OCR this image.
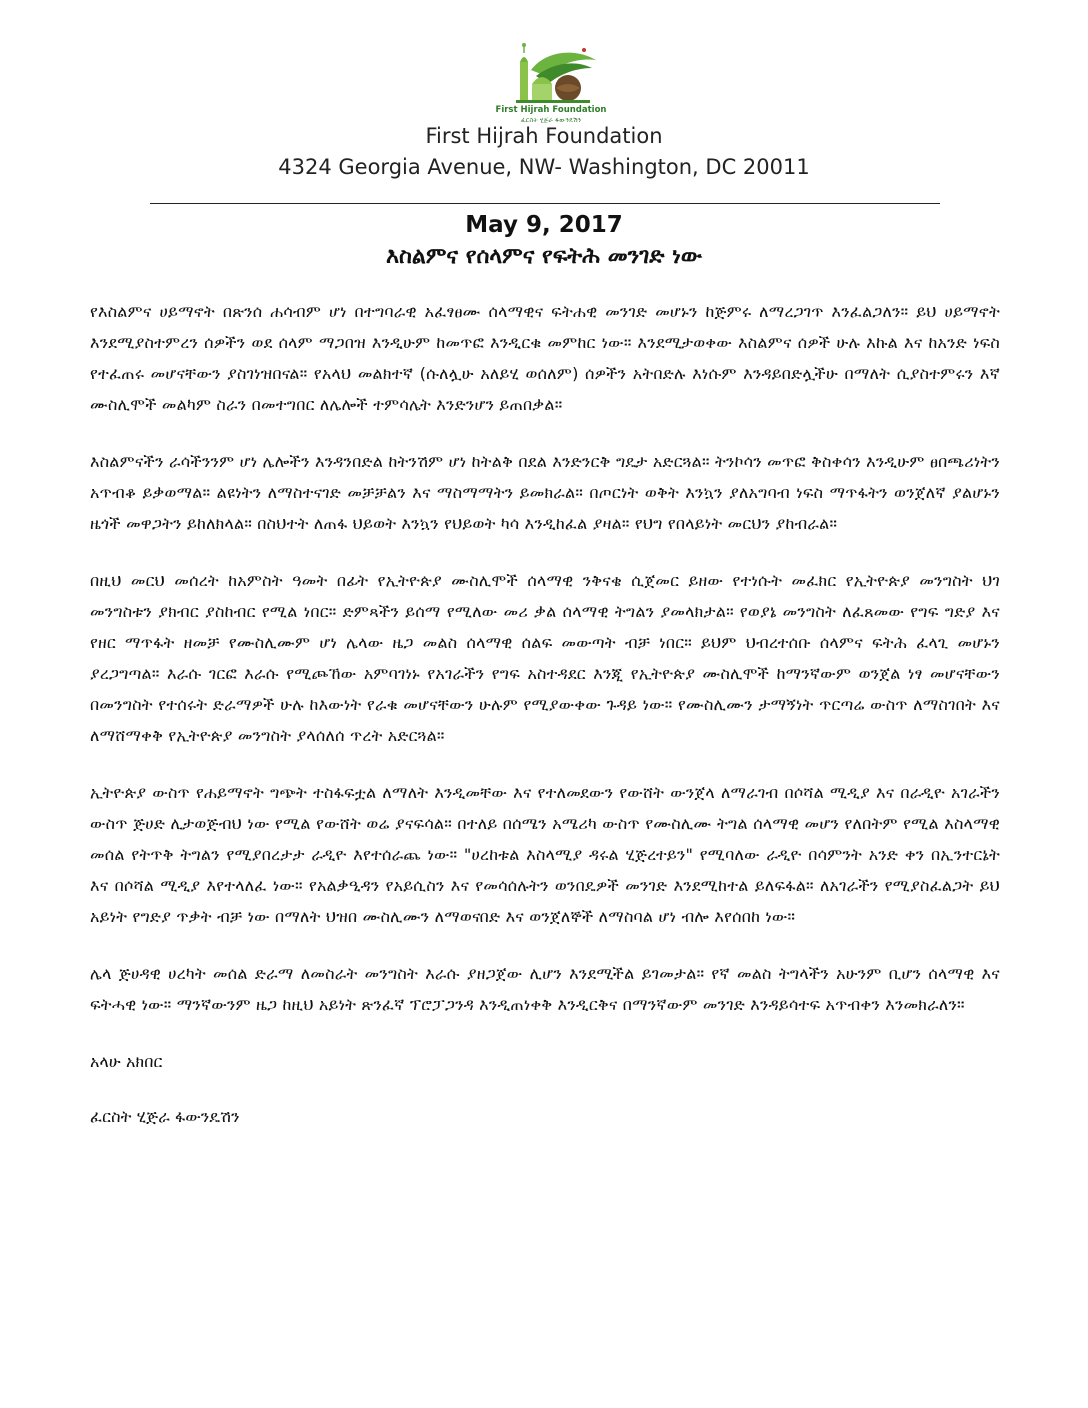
First Hijrah Foundation
ፈርስት ሂጅራ ፋውንዴሽን
First Hijrah Foundation
4324 Georgia Avenue, NW- Washington, DC 20011
May 9, 2017
እስልምና የሰላምና የፍትሕ መንገድ ነው

የእስልምና ሀይማኖት በጽንሰ ሐሳብም ሆነ በተግባራዊ አፈፃፀሙ ሰላማዊና ፍትሐዊ መንገድ መሆኑን ከጅምሩ ለማረጋገጥ እንፈልጋለን። ይህ ሀይማኖት እንደሚያስተምረን ሰዎችን ወደ ሰላም ማጋበዝ እንዲሁም ከመጥፎ እንዲርቁ መምከር ነው። እንደሚታወቀው እስልምና ሰዎች ሁሉ እኩል እና ከአንድ ነፍስ የተፈጠሩ መሆናቸውን ያስገነዝበናል። የአላህ መልክተኛ (ሱለሏሁ አለይሂ ወሰለም) ሰዎችን አትበድሉ እነሱም እንዳይበድሏችሁ በማለት ሲያስተምሩን እኛ ሙስሊሞች መልካም ስራን በመተግበር ለሌሎች ተምሳሌት እንድንሆን ይጠበቃል።

እስልምናችን ራሳችንንም ሆነ ሌሎችን እንዳንበድል ከትንሽም ሆነ ከትልቅ በደል እንድንርቅ ግዴታ አድርጓል። ትንኮሳን መጥፎ ቅስቀሳን እንዲሁም ፀበጫሪነትን አጥብቆ ይቃወማል። ልዩነትን ለማስተናገድ መቻቻልን እና ማስማማትን ይመክራል። በጦርነት ወቅት እንኳን ያለአግባብ ነፍስ ማጥፋትን ወንጀለኛ ያልሆኑን ዜጎች መዋጋትን ይከለክላል። በስህተት ለጠፋ ህይወት እንኳን የህይወት ካሳ እንዲከፈል ያዛል። የህግ የበላይነት መርህን ያከብራል።

በዚህ መርህ መሰረት ከአምስት ዓመት በፊት የኢትዮጵያ ሙስሊሞች ሰላማዊ ንቅናቄ ሲጀመር ይዘው የተነሱት መፈክር የኢትዮጵያ መንግስት ህገ መንግስቱን ያክብር ያስከብር የሚል ነበር። ድምጻችን ይሰማ የሚለው መሪ ቃል ሰላማዊ ትግልን ያመላክታል። የወያኔ መንግስት ለፈጸመው የግፍ ግድያ እና የዘር ማጥፋት ዘመቻ የሙስሊሙም ሆነ ሌላው ዜጋ መልስ ሰላማዊ ሰልፍ መውጣት ብቻ ነበር። ይህም ህብረተሰቡ ሰላምና ፍትሕ ፈላጊ መሆኑን ያረጋግጣል። እራሱ ገርፎ እራሱ የሚጮኸው አምባገነኑ የአገራችን የግፍ አስተዳደር እንጂ የኢትዮጵያ ሙስሊሞች ከማንኛውም ወንጀል ነፃ መሆናቸውን በመንግስት የተሰሩት ድራማዎች ሁሉ ከእውነት የራቁ መሆናቸውን ሁሉም የሚያውቀው ጉዳይ ነው። የሙስሊሙን ታማኝነት ጥርጣሬ ውስጥ ለማስገበት እና ለማሸማቀቅ የኢትዮጵያ መንግስት ያላሰለሰ ጥረት አድርጓል።

ኢትዮጵያ ውስጥ የሐይማኖት ግጭት ተስፋፍቷል ለማለት እንዲመቸው እና የተለመደውን የውሸት ውንጀላ ለማራገብ በሶሻል ሚዲያ እና በራዲዮ አገራችን ውስጥ ጅሀድ ሊታወጅብህ ነው የሚል የውሸት ወሬ ያናፍሳል። በተለይ በሰሜን አሜሪካ ውስጥ የሙስሊሙ ትግል ሰላማዊ መሆን የለበትም የሚል እስላማዊ መሰል የትጥቅ ትግልን የሚያበረታታ ራዲዮ እየተሰራጨ ነው። "ሀረከቱል እስላሚያ ዳሩል ሂጅረተይን" የሚባለው ራዲዮ በሳምንት አንድ ቀን በኢንተርኔት እና በሶሻል ሚዲያ እየተላለፈ ነው። የአልቃዒዳን የአይሲስን እና የመሳሰሉትን ወንበዴዎች መንገድ እንደሚከተል ይለፍፋል። ለአገራችን የሚያስፈልጋት ይህ አይነት የግድያ ጥቃት ብቻ ነው በማለት ህዝበ ሙስሊሙን ለማወናበድ እና ወንጀለኞች ለማስባል ሆነ ብሎ እየሰበከ ነው።

ሌላ ጅሀዳዊ ሀረካት መሰል ድራማ ለመስራት መንግስት እራሱ ያዘጋጀው ሊሆን እንደሚችል ይገመታል። የኛ መልስ ትግላችን አሁንም ቢሆን ሰላማዊ እና ፍትሓዊ ነው። ማንኛውንም ዜጋ ከዚህ አይነት ጽንፈኛ ፕሮፓጋንዳ እንዲጠነቀቅ እንዲርቅና በማንኛውም መንገድ እንዳይሳተፍ አጥብቀን እንመክራለን።

አላሁ አክበር

ፈርስት ሂጅራ ፋውንዴሽን
